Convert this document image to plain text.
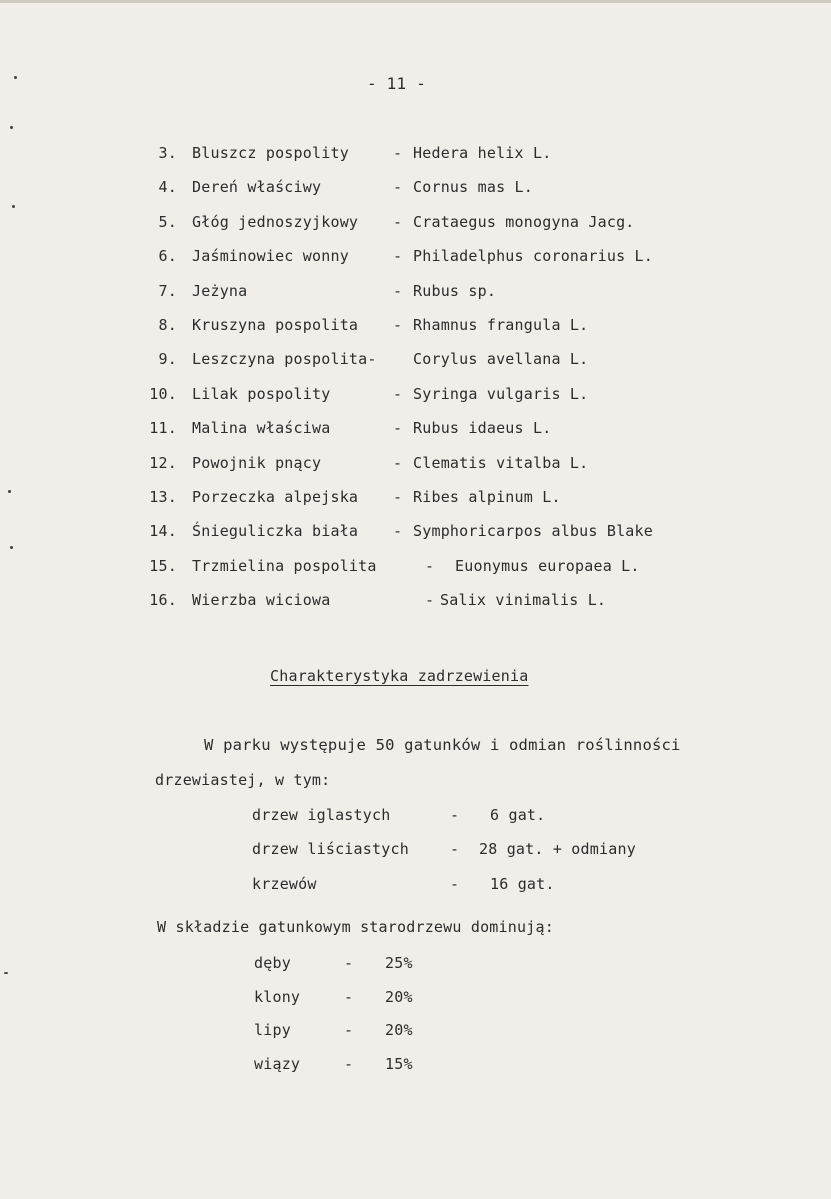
- 11 -
3. Bluszcz pospolity	- Hedera helix L.
4. Dereń właściwy	- Cornus mas L.
5. Głóg jednoszyjkowy - Crataegus monogyna Jacg.
6. Jaśminowiec wonny	- Philadelphus coronarius L.
7. Jeżyna	- Rubus sp.
8. Kruszyna pospolita - Rhamnus frangula L.
9. Leszczyna pospolita- Corylus avellana L.
10. Lilak pospolity	- Syringa vulgaris L.
11. Malina właściwa	- Rubus idaeus L.
12. Powojnik pnący	- Clematis vitalba L.
13. Porzeczka alpejska - Ribes alpinum L.
14. Śnieguliczka biała - Symphoricarpos albus Blake
15. Trzmielina pospolita	- Euonymus europaea L.
16. Wierzba wiciowa	- Salix vinimalis L.
Charakterystyka zadrzewienia
W parku występuje 50 gatunków i odmian roślinności
drzewiastej, w tym:
drzew iglastych	- 6 gat.
drzew liściastych	- 28 gat. + odmiany
krzewów	- 16 gat.
W składzie gatunkowym starodrzewu dominują:
dęby	- 25%
klony	- 20%
lipy	- 20%
wiązy	- 15%
